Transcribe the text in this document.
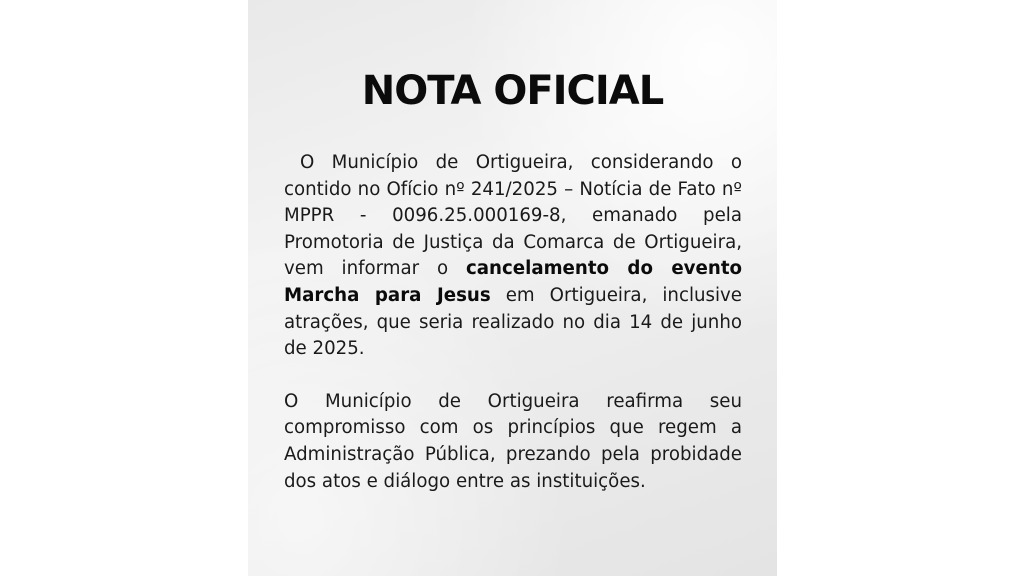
NOTA OFICIAL

O Município de Ortigueira, considerando o contido no Ofício nº 241/2025 – Notícia de Fato nº MPPR - 0096.25.000169-8, emanado pela Promotoria de Justiça da Comarca de Ortigueira, vem informar o cancelamento do evento Marcha para Jesus em Ortigueira, inclusive atrações, que seria realizado no dia 14 de junho de 2025.

O Município de Ortigueira reafirma seu compromisso com os princípios que regem a Administração Pública, prezando pela probidade dos atos e diálogo entre as instituições.
